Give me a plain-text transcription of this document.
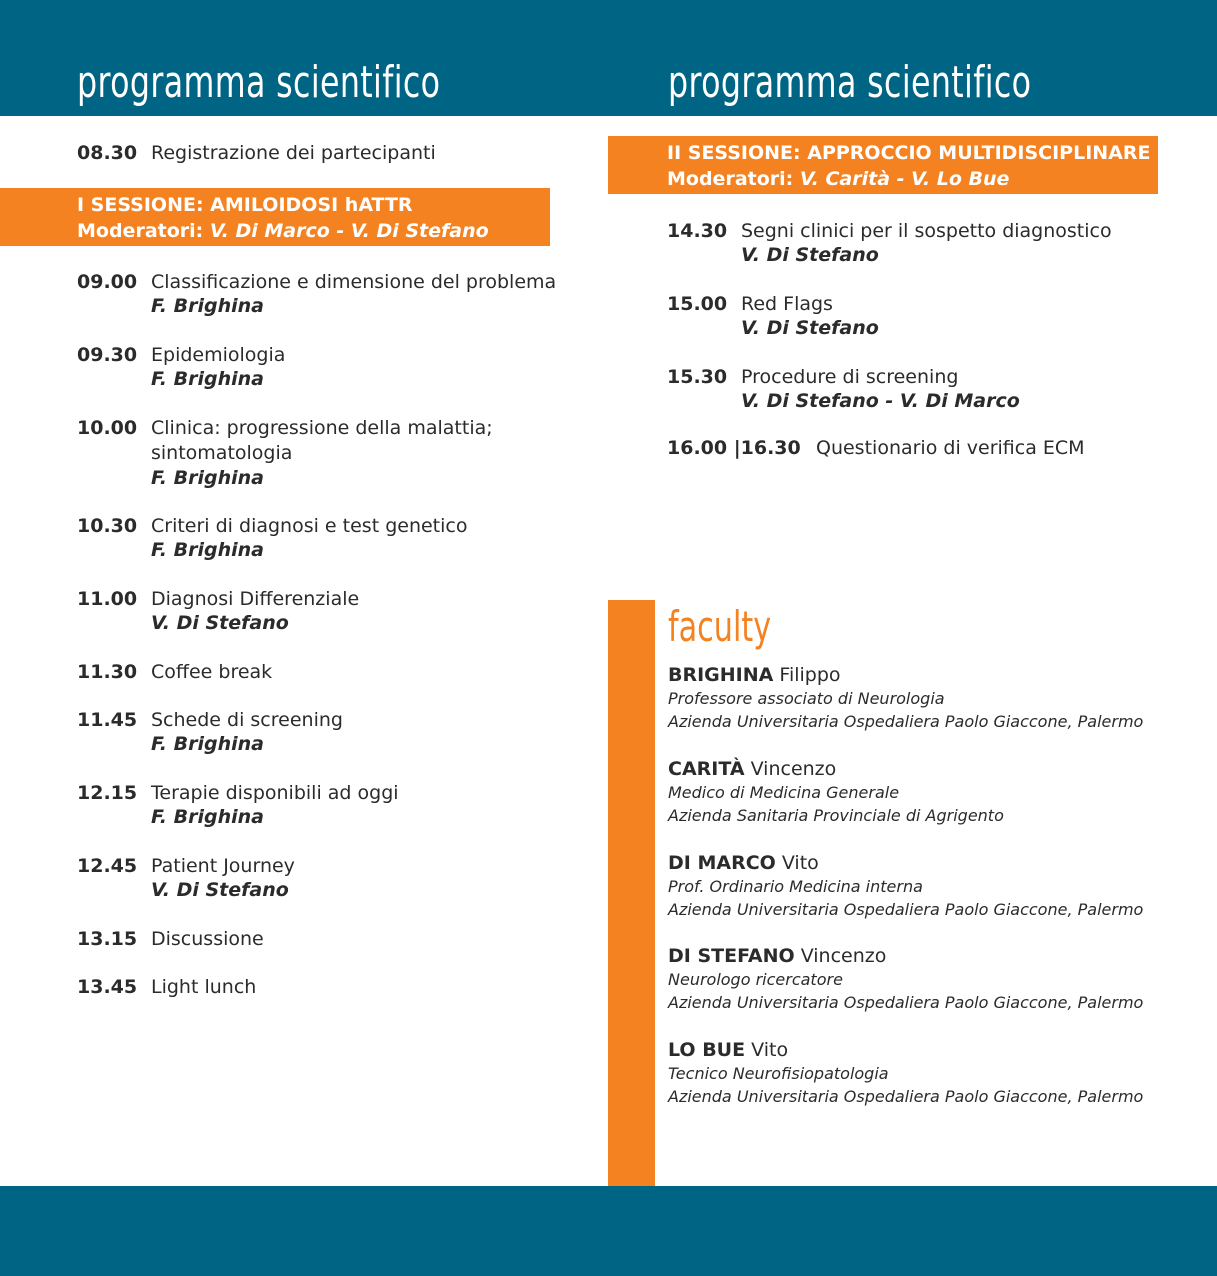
programma scientifico	programma scientifico
08.30 Registrazione dei partecipanti
I SESSIONE: AMILOIDOSI hATTR
Moderatori: V. Di Marco - V. Di Stefano
09.00 Classificazione e dimensione del problema
F. Brighina
09.30 Epidemiologia
F. Brighina
10.00 Clinica: progressione della malattia;
sintomatologia
F. Brighina
10.30 Criteri di diagnosi e test genetico
F. Brighina
11.00 Diagnosi Differenziale
V. Di Stefano
11.30 Coffee break
11.45 Schede di screening
F. Brighina
12.15 Terapie disponibili ad oggi
F. Brighina
12.45 Patient Journey
V. Di Stefano
13.15 Discussione
13.45 Light lunch
II SESSIONE: APPROCCIO MULTIDISCIPLINARE
Moderatori: V. Carità - V. Lo Bue
14.30 Segni clinici per il sospetto diagnostico
V. Di Stefano
15.00 Red Flags
V. Di Stefano
15.30 Procedure di screening
V. Di Stefano - V. Di Marco
16.00 |16.30 Questionario di verifica ECM
faculty
BRIGHINA Filippo
Professore associato di Neurologia
Azienda Universitaria Ospedaliera Paolo Giaccone, Palermo
CARITÀ Vincenzo
Medico di Medicina Generale
Azienda Sanitaria Provinciale di Agrigento
DI MARCO Vito
Prof. Ordinario Medicina interna
Azienda Universitaria Ospedaliera Paolo Giaccone, Palermo
DI STEFANO Vincenzo
Neurologo ricercatore
Azienda Universitaria Ospedaliera Paolo Giaccone, Palermo
LO BUE Vito
Tecnico Neurofisiopatologia
Azienda Universitaria Ospedaliera Paolo Giaccone, Palermo
